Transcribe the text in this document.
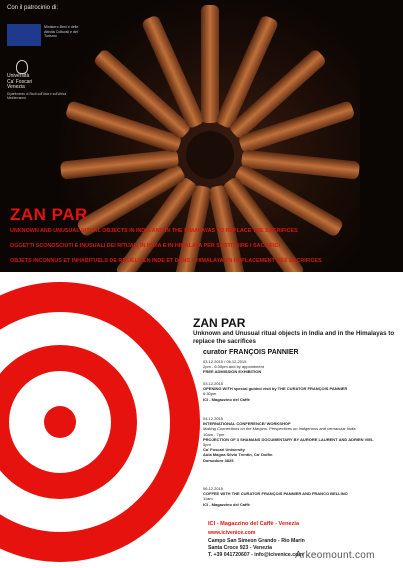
Con il patrocinio di:
Ministero Beni e delle Attività Culturali e del Turismo
Università
Ca' Foscari
Venezia
Dipartimento di Studi sull'Asia e sull'Africa Mediterranea
ZAN PAR
UNKNOWN AND UNUSUAL RITUAL OBJECTS IN INDIA AND IN THE HIMALAYAS TO REPLACE THE SACRIFICES
OGGETTI SCONOSCIUTI E INUSUALI DEI RITUALI IN INDIA E IN HIMALAYA PER SOSTITUIRE I SACRIFICI
OBJETS INCONNUS ET INHABITUELS DE RITUELS EN INDE ET DANS L'HIMALAYA EN REPLACEMENT DES SACRIFICES
ZAN PAR
Unknown and Unusual ritual objects in India and in the Himalayas to replace the sacrifices
curator FRANÇOIS PANNIER
03.12.2015 / 06.12.2015
2pm - 6:30pm and by appointment
FREE ADMISSION EXHIBITION
03.12.2015
OPENING WITH special guided visit by THE CURATOR FRANÇOIS PANNIER
6:30pm
ICI - Magazzino del Caffè
04.12.2015
INTERNATIONAL CONFERENCE/ WORKSHOP
Making Connections on the Margins. Perspectives on Indigenous and vernacular India
10am - 7pm
PROJECTION OF 3 SHAMANS DOCUMENTARY BY AURORE LAURENT AND ADRIEN VIEL
5pm
Ca' Foscari University
Aula Magna Silvio Trentin, Ca' Dolfin
Dorsoduro 3825
06.12.2015
COFFEE WITH THE CURATOR FRANÇOIS PANNIER AND FRANCO BELLINO
11am
ICI - Magazzino del Caffè
ICI - Magazzino del Caffè - Venezia
www.icivenice.com
Campo San Simeon Grando - Rio Marin
Santa Croce 923 - Venezia
T. +39 041720607 - info@icivenice.com
Arkeomount.com
